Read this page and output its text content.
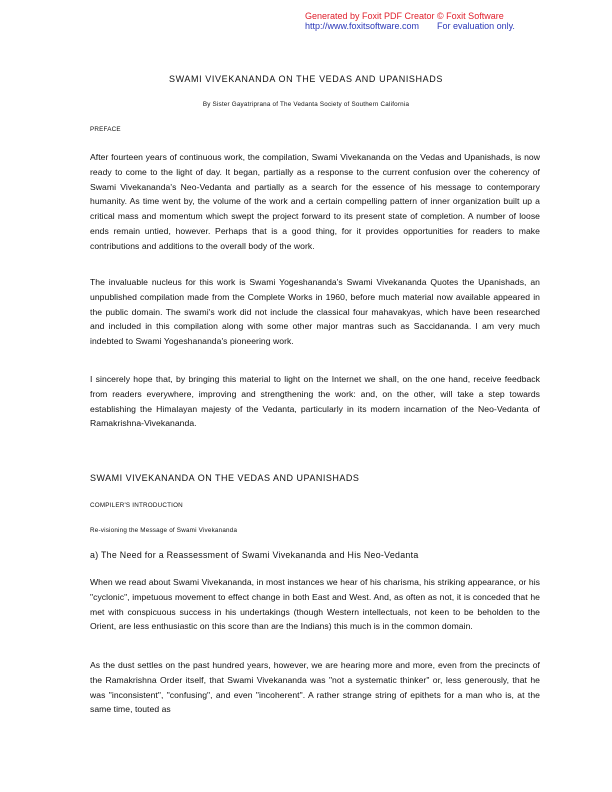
Generated by Foxit PDF Creator © Foxit Software
http://www.foxitsoftware.com For evaluation only.
SWAMI VIVEKANANDA ON THE VEDAS AND UPANISHADS
By Sister Gayatriprana of The Vedanta Society of Southern California
PREFACE
After fourteen years of continuous work, the compilation, Swami Vivekananda on the Vedas and Upanishads, is now ready to come to the light of day. It began, partially as a response to the current confusion over the coherency of Swami Vivekananda's Neo-Vedanta and partially as a search for the essence of his message to contemporary humanity. As time went by, the volume of the work and a certain compelling pattern of inner organization built up a critical mass and momentum which swept the project forward to its present state of completion. A number of loose ends remain untied, however. Perhaps that is a good thing, for it provides opportunities for readers to make contributions and additions to the overall body of the work.
The invaluable nucleus for this work is Swami Yogeshananda's Swami Vivekananda Quotes the Upanishads, an unpublished compilation made from the Complete Works in 1960, before much material now available appeared in the public domain. The swami's work did not include the classical four mahavakyas, which have been researched and included in this compilation along with some other major mantras such as Saccidananda. I am very much indebted to Swami Yogeshananda's pioneering work.
I sincerely hope that, by bringing this material to light on the Internet we shall, on the one hand, receive feedback from readers everywhere, improving and strengthening the work: and, on the other, will take a step towards establishing the Himalayan majesty of the Vedanta, particularly in its modern incarnation of the Neo-Vedanta of Ramakrishna-Vivekananda.
SWAMI VIVEKANANDA ON THE VEDAS AND UPANISHADS
COMPILER'S INTRODUCTION
Re-visioning the Message of Swami Vivekananda
a) The Need for a Reassessment of Swami Vivekananda and His Neo-Vedanta
When we read about Swami Vivekananda, in most instances we hear of his charisma, his striking appearance, or his "cyclonic", impetuous movement to effect change in both East and West. And, as often as not, it is conceded that he met with conspicuous success in his undertakings (though Western intellectuals, not keen to be beholden to the Orient, are less enthusiastic on this score than are the Indians) this much is in the common domain.
As the dust settles on the past hundred years, however, we are hearing more and more, even from the precincts of the Ramakrishna Order itself, that Swami Vivekananda was "not a systematic thinker" or, less generously, that he was "inconsistent", "confusing", and even "incoherent". A rather strange string of epithets for a man who is, at the same time, touted as
